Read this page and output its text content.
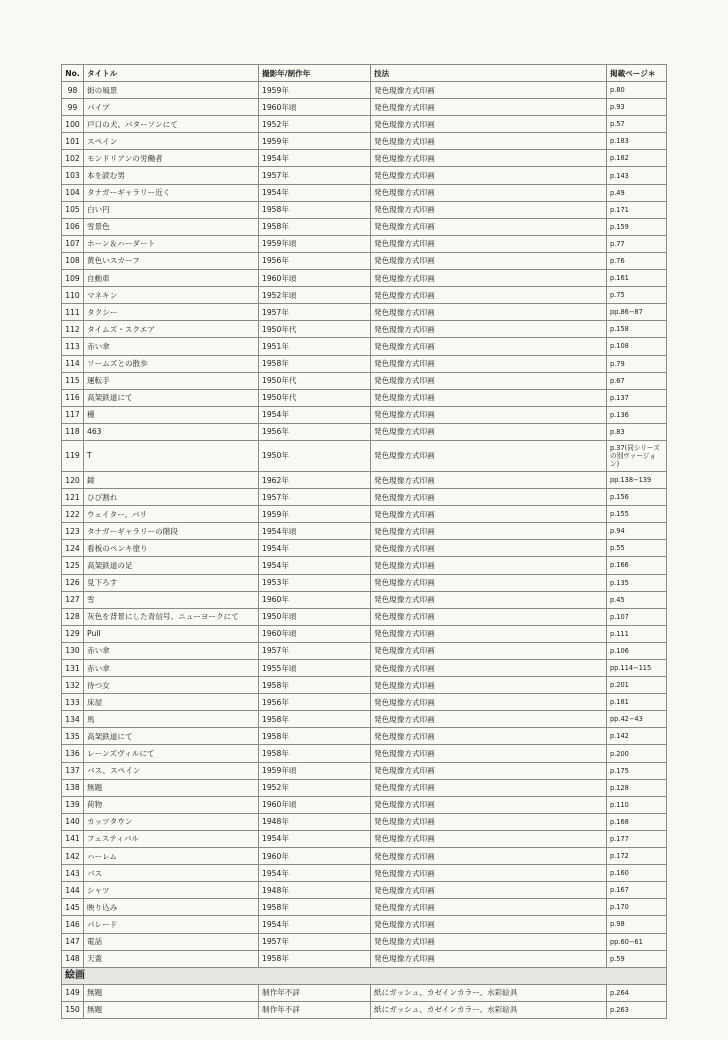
No.	タイトル	撮影年/制作年	技法	掲載ページ＊
98	街の風景	1959年	発色現像方式印画	p.80
99	パイプ	1960年頃	発色現像方式印画	p.93
100	戸口の犬、パターソンにて	1952年	発色現像方式印画	p.57
101	スペイン	1959年	発色現像方式印画	p.183
102	モンドリアンの労働者	1954年	発色現像方式印画	p.182
103	本を読む男	1957年	発色現像方式印画	p.143
104	タナガーギャラリー近く	1954年	発色現像方式印画	p.49
105	白い円	1958年	発色現像方式印画	p.171
106	雪景色	1958年	発色現像方式印画	p.159
107	ホーン＆ハーダート	1959年頃	発色現像方式印画	p.77
108	黄色いスカーフ	1956年	発色現像方式印画	p.76
109	自動車	1960年頃	発色現像方式印画	p.161
110	マネキン	1952年頃	発色現像方式印画	p.75
111	タクシー	1957年	発色現像方式印画	pp.86−87
112	タイムズ・スクエア	1950年代	発色現像方式印画	p.158
113	赤い傘	1951年	発色現像方式印画	p.108
114	ソームズとの散歩	1958年	発色現像方式印画	p.79
115	運転手	1950年代	発色現像方式印画	p.67
116	高架鉄道にて	1950年代	発色現像方式印画	p.137
117	種	1954年	発色現像方式印画	p.136
118	463	1956年	発色現像方式印画	p.83
119	T	1950年	発色現像方式印画	p.37(同シリーズの別ヴァージョン)
120	鏡	1962年	発色現像方式印画	pp.138−139
121	ひび割れ	1957年	発色現像方式印画	p.156
122	ウェイター、パリ	1959年	発色現像方式印画	p.155
123	タナガーギャラリーの階段	1954年頃	発色現像方式印画	p.94
124	看板のペンキ塗り	1954年	発色現像方式印画	p.55
125	高架鉄道の足	1954年	発色現像方式印画	p.166
126	見下ろす	1953年	発色現像方式印画	p.135
127	雪	1960年	発色現像方式印画	p.45
128	灰色を背景にした青信号、ニューヨークにて	1950年頃	発色現像方式印画	p.107
129	Pull	1960年頃	発色現像方式印画	p.111
130	赤い傘	1957年	発色現像方式印画	p.106
131	赤い傘	1955年頃	発色現像方式印画	pp.114−115
132	待つ女	1958年	発色現像方式印画	p.201
133	床屋	1956年	発色現像方式印画	p.181
134	馬	1958年	発色現像方式印画	pp.42−43
135	高架鉄道にて	1958年	発色現像方式印画	p.142
136	レーンズヴィルにて	1958年	発色現像方式印画	p.200
137	バス、スペイン	1959年頃	発色現像方式印画	p.175
138	無題	1952年	発色現像方式印画	p.128
139	荷物	1960年頃	発色現像方式印画	p.110
140	カッツタウン	1948年	発色現像方式印画	p.168
141	フェスティバル	1954年	発色現像方式印画	p.177
142	ハーレム	1960年	発色現像方式印画	p.172
143	バス	1954年	発色現像方式印画	p.160
144	シャツ	1948年	発色現像方式印画	p.167
145	映り込み	1958年	発色現像方式印画	p.170
146	パレード	1954年	発色現像方式印画	p.98
147	電話	1957年	発色現像方式印画	pp.60−61
148	天蓋	1958年	発色現像方式印画	p.59
絵画				
149	無題	制作年不詳	紙にガッシュ、カゼインカラー、水彩絵具	p.264
150	無題	制作年不詳	紙にガッシュ、カゼインカラー、水彩絵具	p.263
